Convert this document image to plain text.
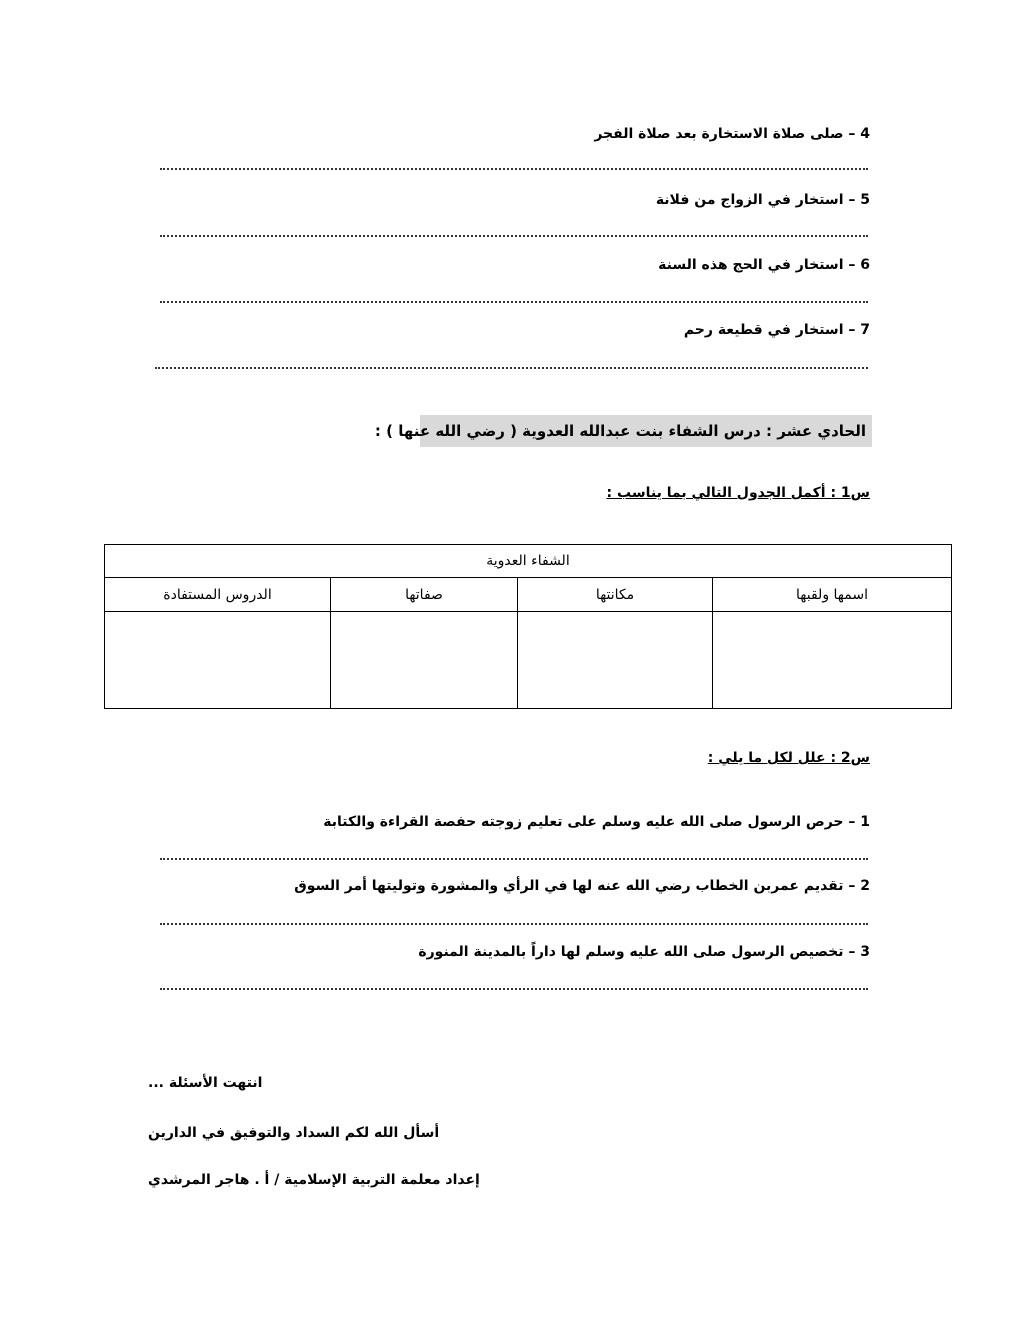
4 – صلى صلاة الاستخارة بعد صلاة الفجر
5 – استخار في الزواج من فلانة
6 – استخار في الحج هذه السنة
7 – استخار في قطيعة رحم
الحادي عشر : درس الشفاء بنت عبدالله العدوية ( رضي الله عنها ) :
س1 : أكمل الجدول التالي بما يناسب :
الشفاء العدوية			
اسمها ولقبها	مكانتها	صفاتها	الدروس المستفادة

س2 : علل لكل ما يلي :
1 – حرص الرسول صلى الله عليه وسلم على تعليم زوجته حفصة القراءة والكتابة
2 – تقديم عمربن الخطاب رضي الله عنه لها في الرأي والمشورة وتوليتها أمر السوق
3 – تخصيص الرسول صلى الله عليه وسلم لها داراً بالمدينة المنورة
انتهت الأسئلة ...
أسأل الله لكم السداد والتوفيق في الدارين
إعداد معلمة التربية الإسلامية / أ . هاجر المرشدي
